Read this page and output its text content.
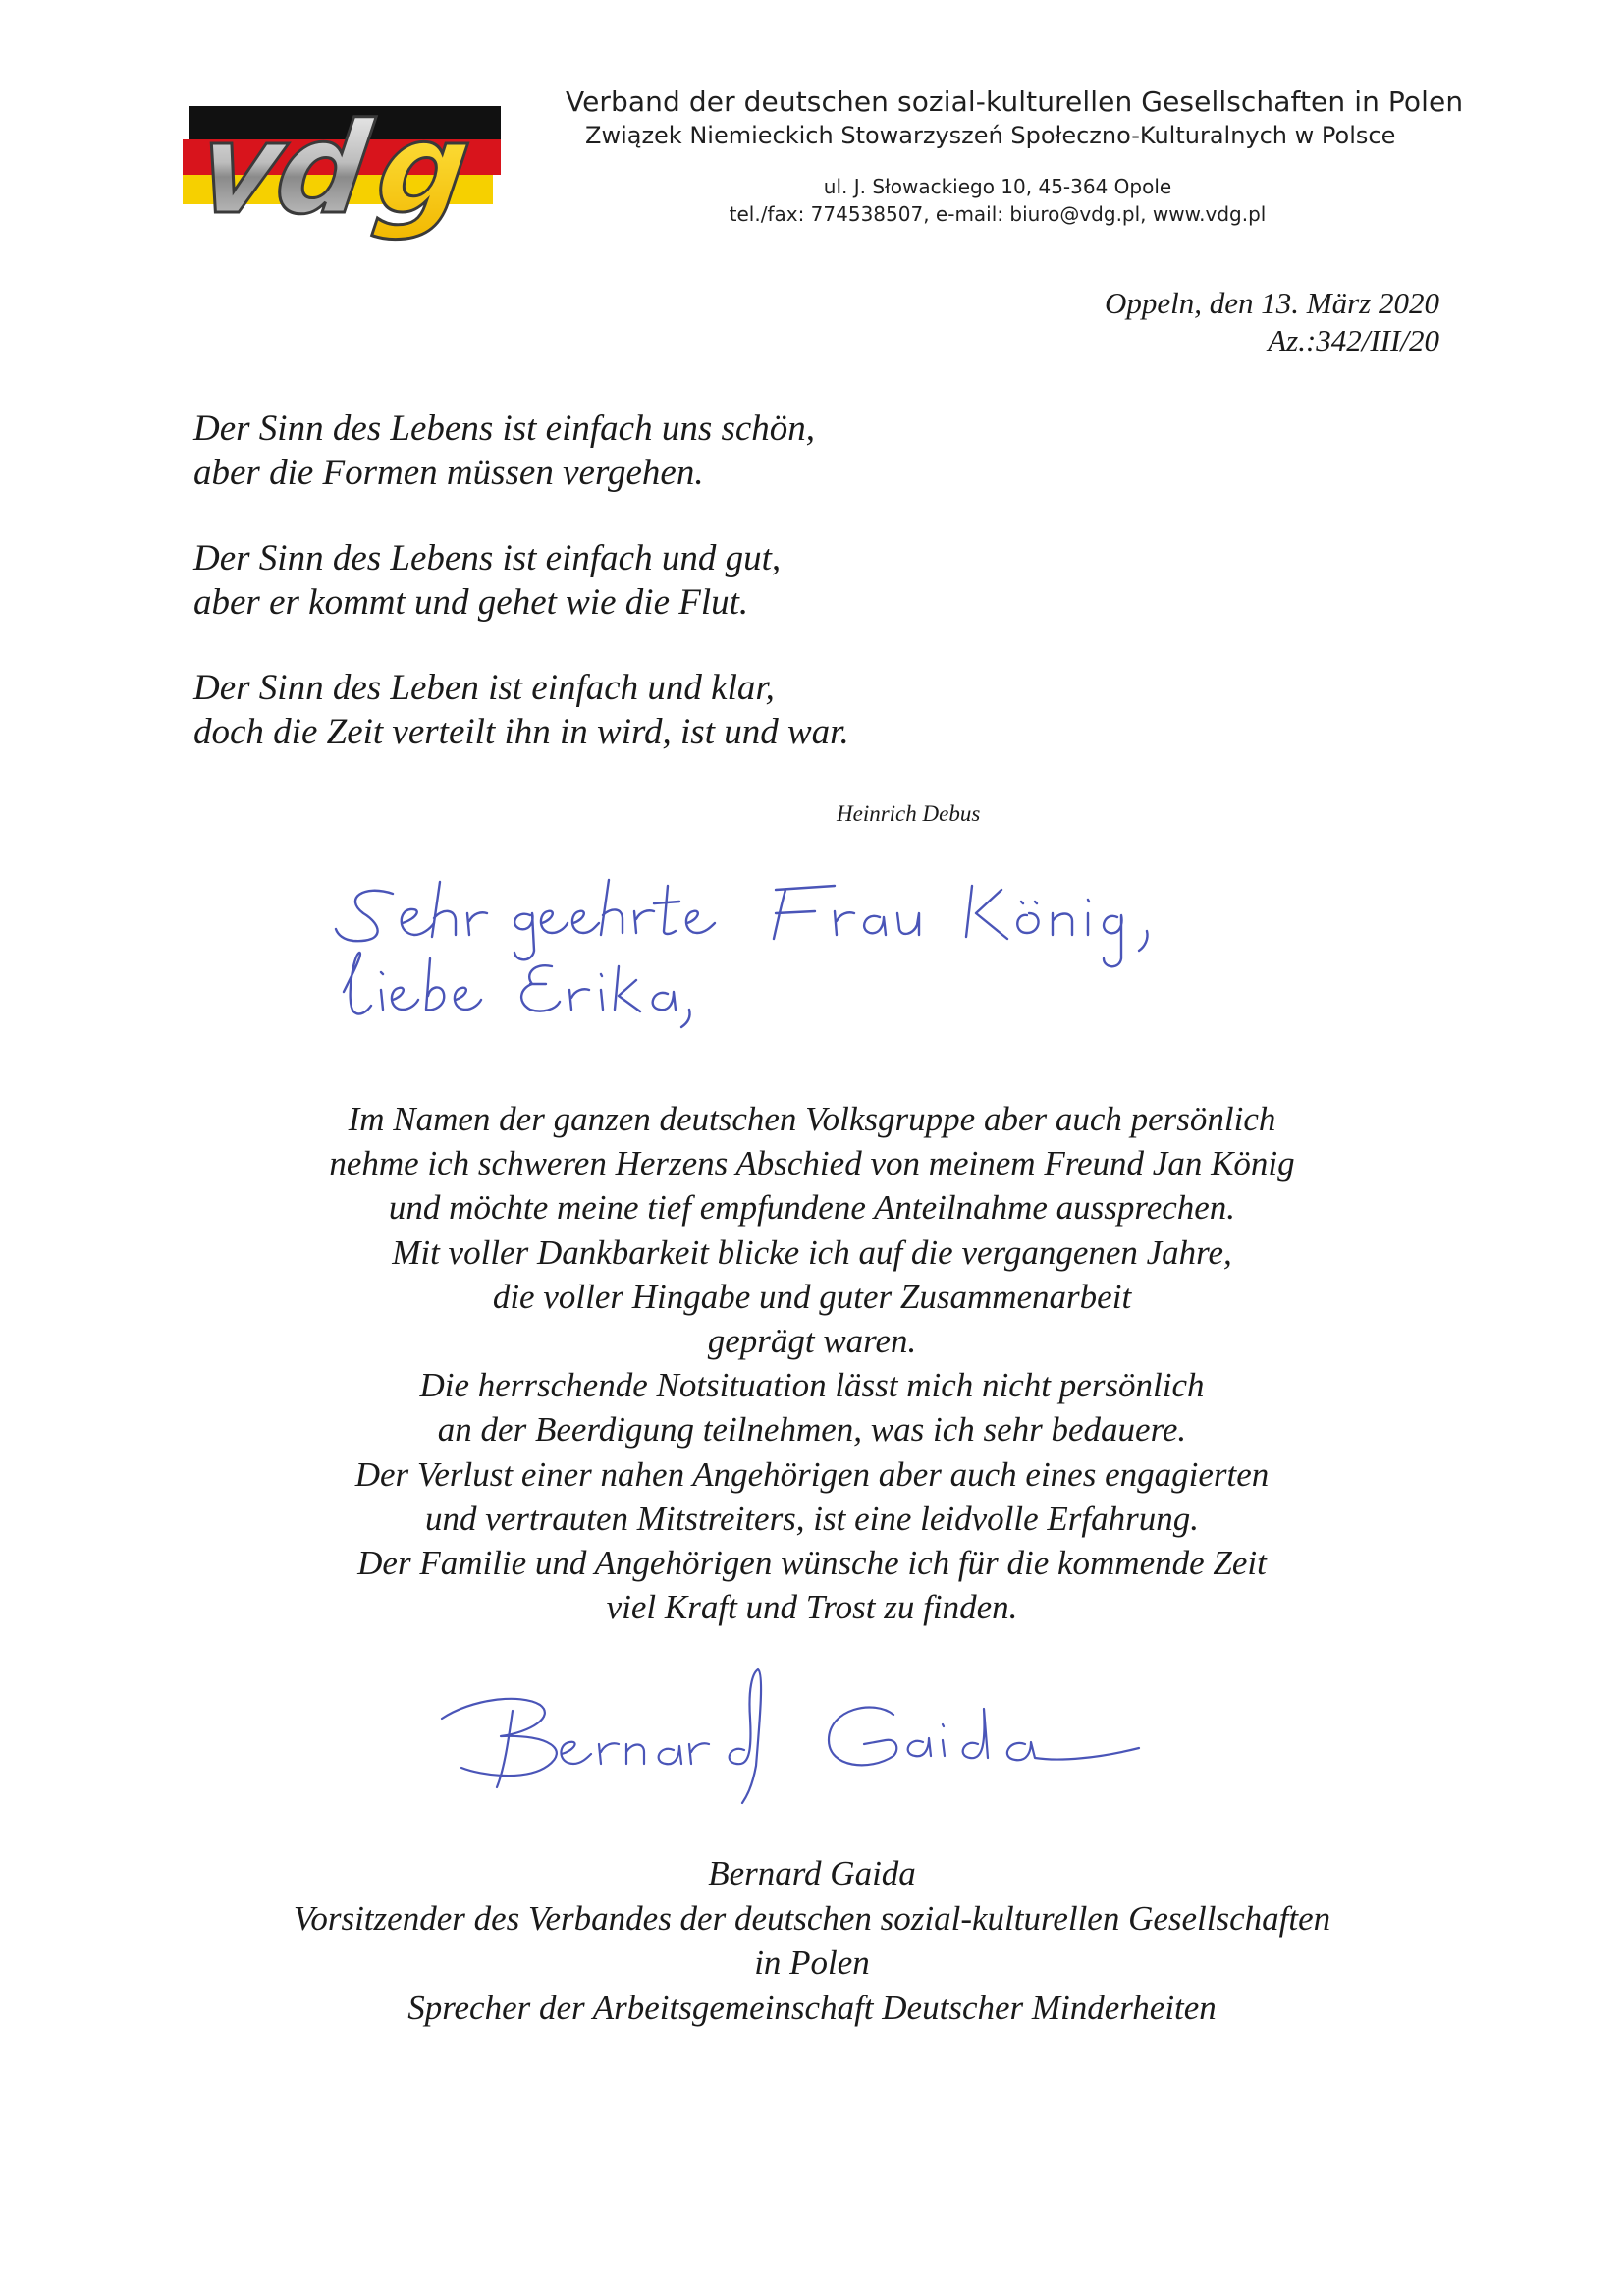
vd
g	Verband der deutschen sozial-kulturellen Gesellschaften in Polen
Związek Niemieckich Stowarzyszeń Społeczno-Kulturalnych w Polsce
ul. J. Słowackiego 10, 45-364 Opole
tel./fax: 774538507, e-mail: biuro@vdg.pl, www.vdg.pl
Oppeln, den 13. März 2020
Az.:342/III/20
Der Sinn des Lebens ist einfach uns schön,
aber die Formen müssen vergehen.
Der Sinn des Lebens ist einfach und gut,
aber er kommt und gehet wie die Flut.
Der Sinn des Leben ist einfach und klar,
doch die Zeit verteilt ihn in wird, ist und war.
Heinrich Debus
Im Namen der ganzen deutschen Volksgruppe aber auch persönlich
nehme ich schweren Herzens Abschied von meinem Freund Jan König
und möchte meine tief empfundene Anteilnahme aussprechen.
Mit voller Dankbarkeit blicke ich auf die vergangenen Jahre,
die voller Hingabe und guter Zusammenarbeit
geprägt waren.
Die herrschende Notsituation lässt mich nicht persönlich
an der Beerdigung teilnehmen, was ich sehr bedauere.
Der Verlust einer nahen Angehörigen aber auch eines engagierten
und vertrauten Mitstreiters, ist eine leidvolle Erfahrung.
Der Familie und Angehörigen wünsche ich für die kommende Zeit
viel Kraft und Trost zu finden.
Bernard Gaida
Vorsitzender des Verbandes der deutschen sozial-kulturellen Gesellschaften
in Polen
Sprecher der Arbeitsgemeinschaft Deutscher Minderheiten
